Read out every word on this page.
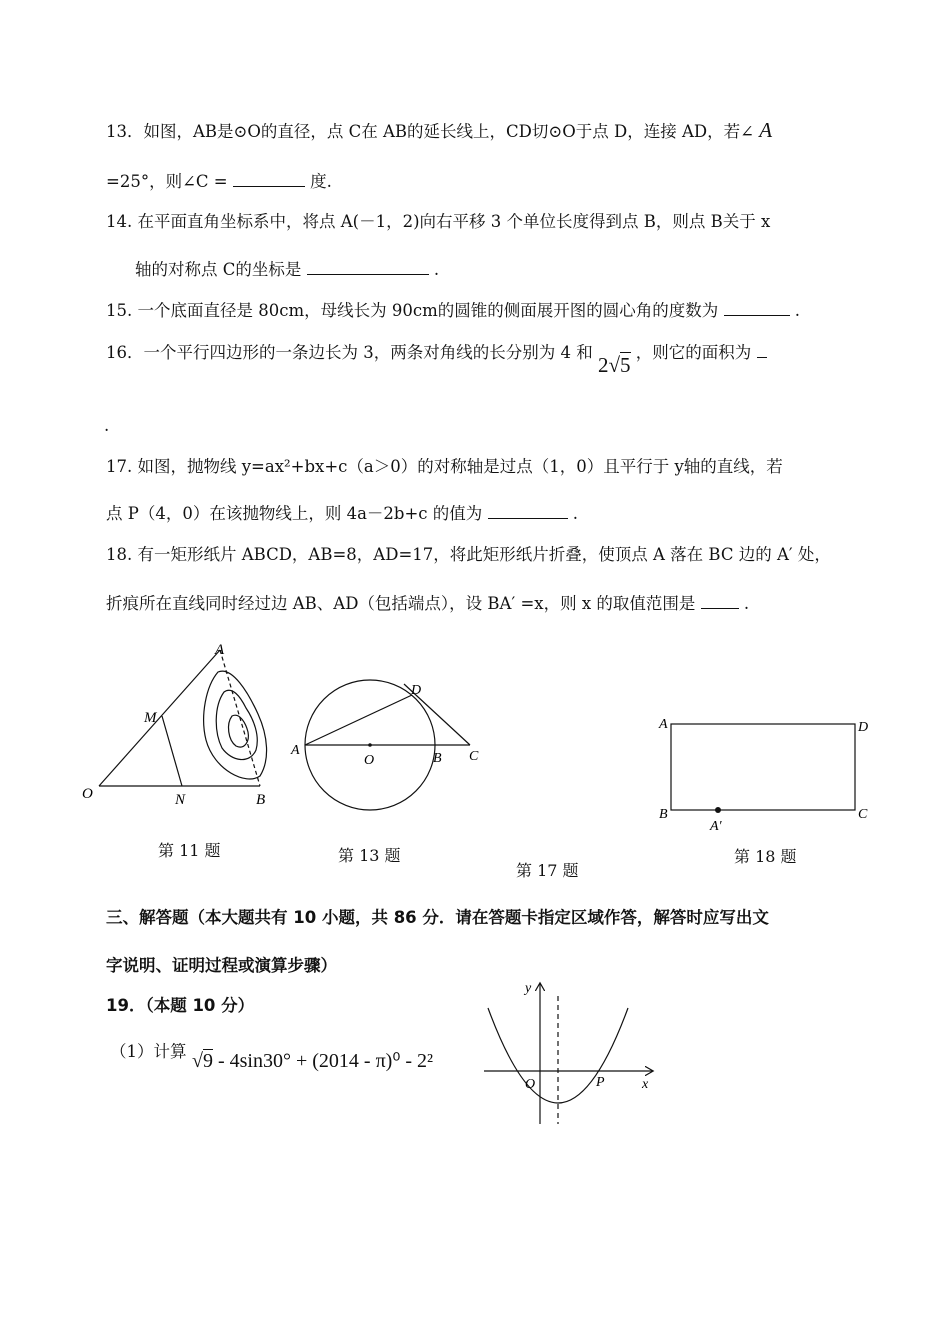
13．如图，AB是⊙O的直径，点 C在 AB的延长线上，CD切⊙O于点 D，连接 AD，若∠ A
=25°，则∠C =	度.
14. 在平面直角坐标系中，将点 A(－1，2)向右平移 3 个单位长度得到点 B，则点 B关于 x
轴的对称点 C的坐标是	.
15. 一个底面直径是 80cm，母线长为 90cm的圆锥的侧面展开图的圆心角的度数为	.
16．一个平行四边形的一条边长为 3，两条对角线的长分别为 4 和 2√5 ，则它的面积为
.
17. 如图，抛物线 y=ax²+bx+c（a＞0）的对称轴是过点（1，0）且平行于 y轴的直线，若
点 P（4，0）在该抛物线上，则 4a－2b+c 的值为	.
18. 有一矩形纸片 ABCD，AB=8，AD=17，将此矩形纸片折叠，使顶点 A 落在 BC 边的 A′ 处，
折痕所在直线同时经过边 AB、AD（包括端点），设 BA′ =x，则 x 的取值范围是	.
A
M
O	N	B
第 11 题
A
O	B C
D
第 13 题
第 17 题
A	D
B	C
A′
第 18 题
三、解答题（本大题共有 10 小题，共 86 分．请在答题卡指定区域作答，解答时应写出文
字说明、证明过程或演算步骤）
19．（本题 10 分）
（1）计算 √9 - 4sin30° + (2014 - π)⁰ - 2²
y
O	P	x
